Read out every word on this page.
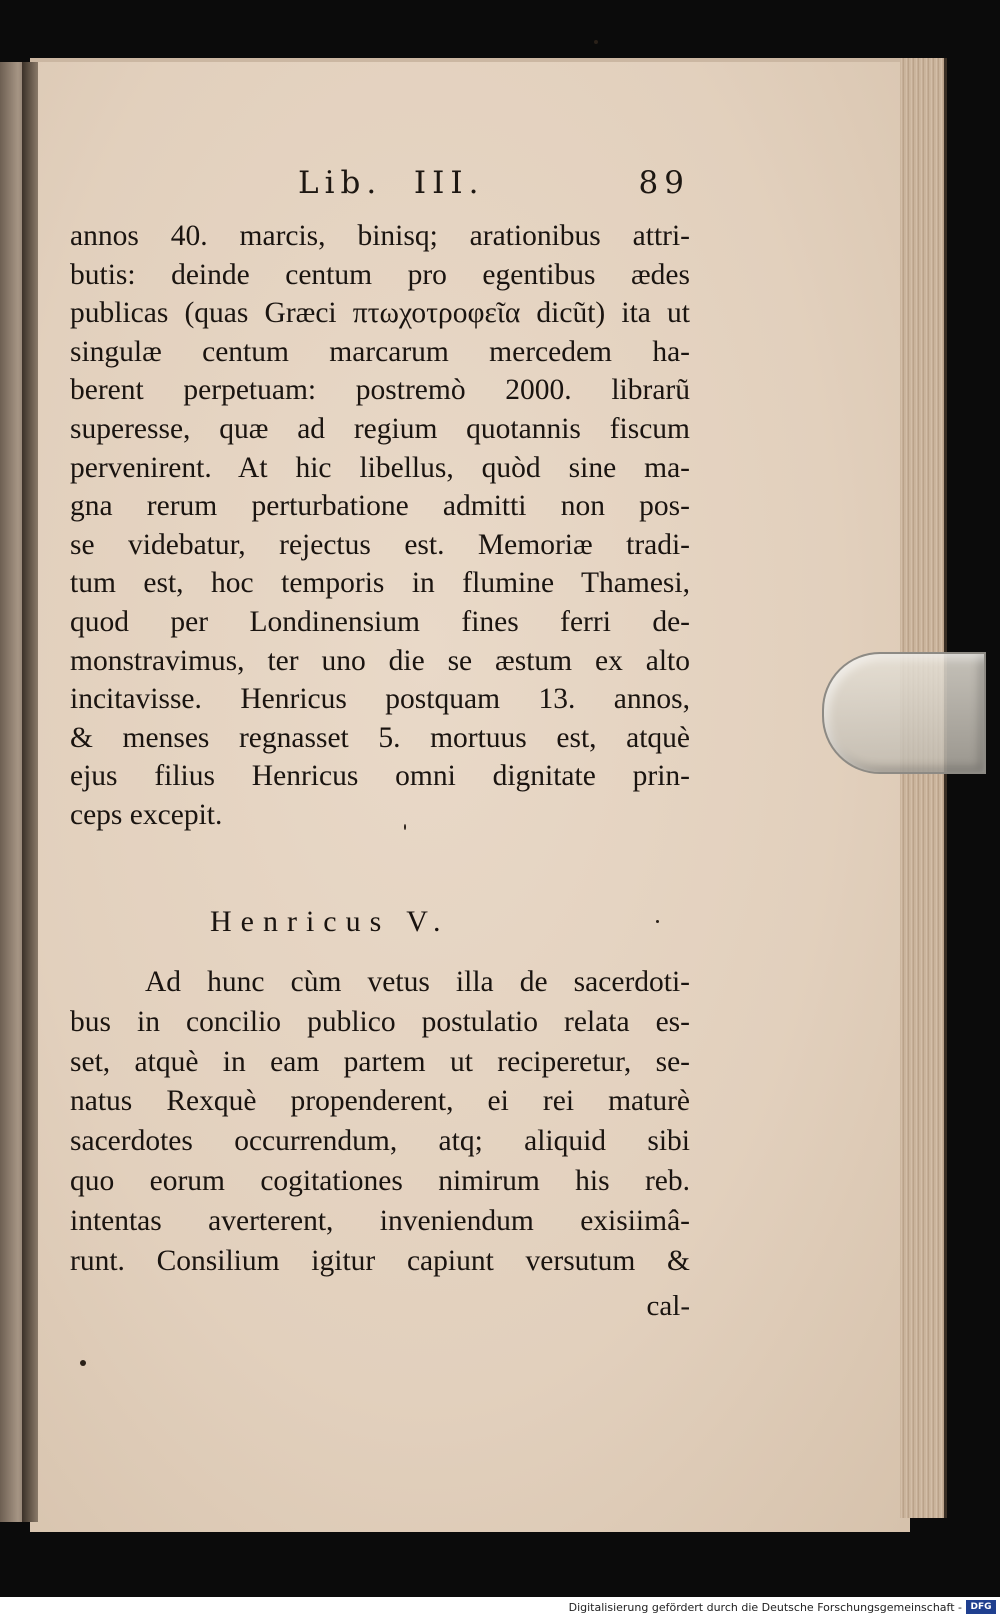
Lib.  III.	89
annos 40. marcis, binisq; arationibus attri-
butis: deinde centum pro egentibus ædes
publicas (quas Græci πτωχοτροφεῖα dicũt) ita ut
singulæ centum marcarum mercedem ha-
berent perpetuam: postremò 2000. librarũ
superesse, quæ ad regium quotannis fiscum
pervenirent. At hic libellus, quòd sine ma-
gna rerum perturbatione admitti non pos-
se videbatur, rejectus est. Memoriæ tradi-
tum est, hoc temporis in flumine Thamesi,
quod per Londinensium fines ferri de-
monstravimus, ter uno die se æstum ex alto
incitavisse. Henricus postquam 13. annos,
& menses regnasset 5. mortuus est, atquè
ejus filius Henricus omni dignitate prin-
ceps excepit.
Henricus V.
Ad hunc cùm vetus illa de sacerdoti-
bus in concilio publico postulatio relata es-
set, atquè in eam partem ut reciperetur, se-
natus Rexquè propenderent, ei rei maturè
sacerdotes occurrendum, atq; aliquid sibi
quo eorum cogitationes nimirum his reb.
intentas averterent, inveniendum exisiimâ-
runt. Consilium igitur capiunt versutum &
cal-
Digitalisierung gefördert durch die Deutsche Forschungsgemeinschaft - DFG
